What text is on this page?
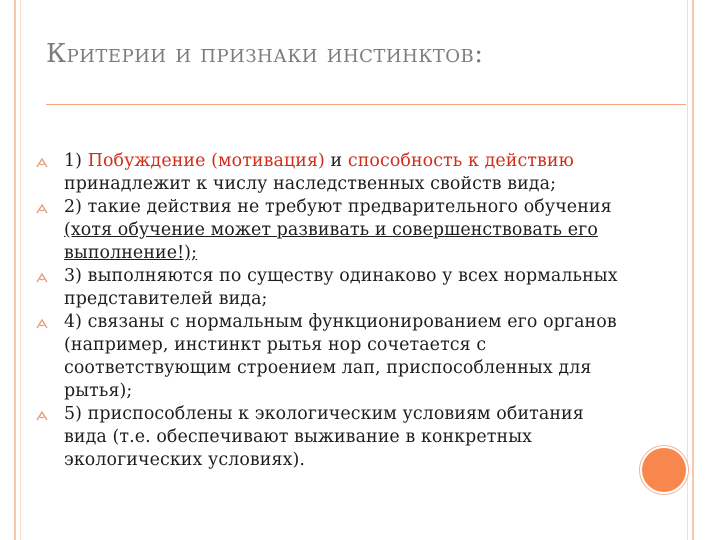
Критерии и признаки инстинктов:

1) Побуждение (мотивация) и способность к действию принадлежит к числу наследственных свойств вида;

2) такие действия не требуют предварительного обучения (хотя обучение может развивать и совершенствовать его выполнение!);

3) выполняются по существу одинаково у всех нормальных представителей вида;

4) связаны с нормальным функционированием его органов (например, инстинкт рытья нор сочетается с соответствующим строением лап, приспособленных для рытья);

5) приспособлены к экологическим условиям обитания вида (т.е. обеспечивают выживание в конкретных экологических условиях).
